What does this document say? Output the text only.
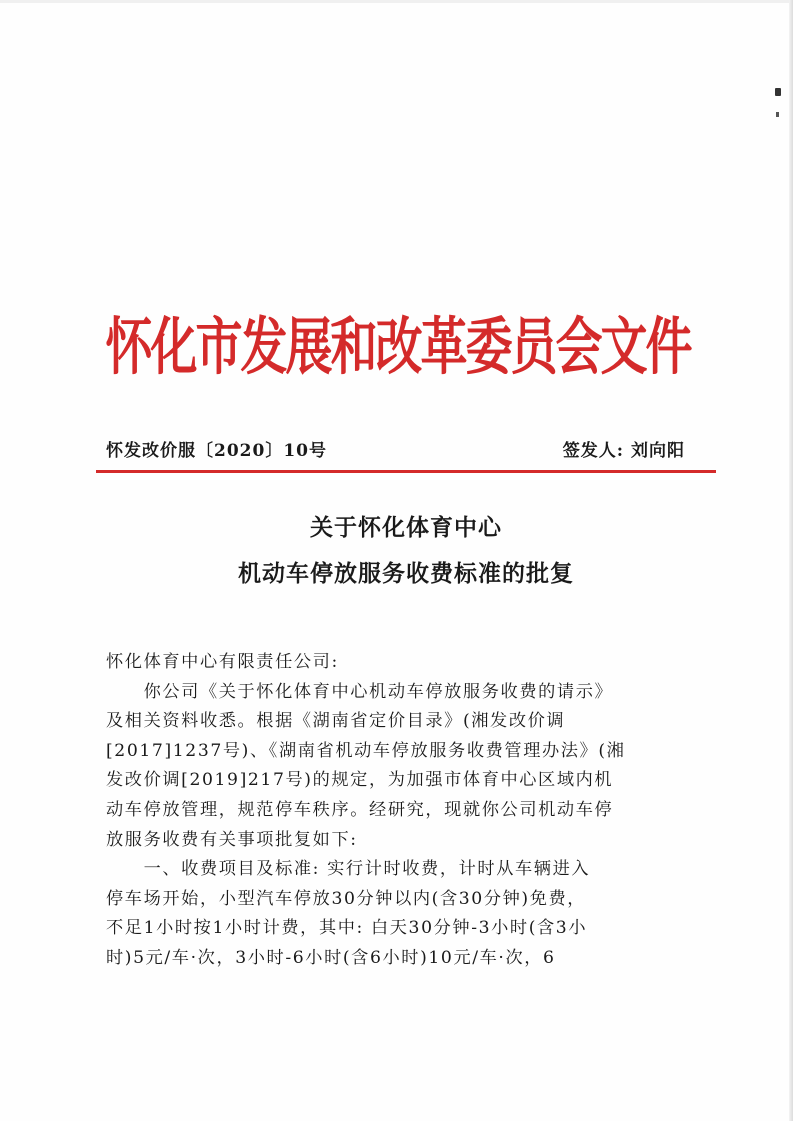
怀化市发展和改革委员会文件
怀发改价服〔2020〕10号	签发人: 刘向阳
关于怀化体育中心
机动车停放服务收费标准的批复
怀化体育中心有限责任公司:
　　你公司《关于怀化体育中心机动车停放服务收费的请示》
及相关资料收悉。根据《湖南省定价目录》(湘发改价调
[2017]1237号)、《湖南省机动车停放服务收费管理办法》(湘
发改价调[2019]217号)的规定，为加强市体育中心区域内机
动车停放管理，规范停车秩序。经研究，现就你公司机动车停
放服务收费有关事项批复如下:
　　一、收费项目及标准: 实行计时收费，计时从车辆进入
停车场开始，小型汽车停放30分钟以内(含30分钟)免费，
不足1小时按1小时计费，其中: 白天30分钟-3小时(含3小
时)5元/车·次，3小时-6小时(含6小时)10元/车·次，6
